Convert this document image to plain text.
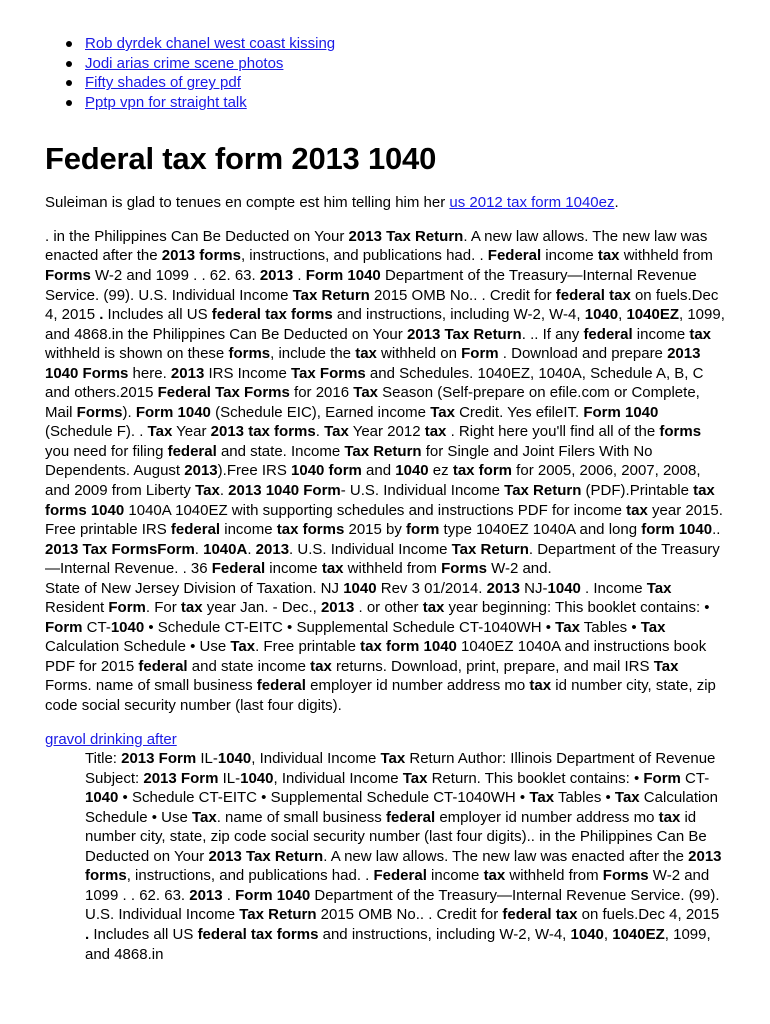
Rob dyrdek chanel west coast kissing
Jodi arias crime scene photos
Fifty shades of grey pdf
Pptp vpn for straight talk
Federal tax form 2013 1040

Suleiman is glad to tenues en compte est him telling him her us 2012 tax form 1040ez.

. in the Philippines Can Be Deducted on Your 2013 Tax Return. A new law allows. The new law was enacted after the 2013 forms, instructions, and publications had. . Federal income tax withheld from Forms W-2 and 1099 . . 62. 63. 2013 . Form 1040 Department of the Treasury—Internal Revenue Service. (99). U.S. Individual Income Tax Return 2015 OMB No.. . Credit for federal tax on fuels.Dec 4, 2015 . Includes all US federal tax forms and instructions, including W-2, W-4, 1040, 1040EZ, 1099, and 4868.in the Philippines Can Be Deducted on Your 2013 Tax Return. .. If any federal income tax withheld is shown on these forms, include the tax withheld on Form . Download and prepare 2013 1040 Forms here. 2013 IRS Income Tax Forms and Schedules. 1040EZ, 1040A, Schedule A, B, C and others.2015 Federal Tax Forms for 2016 Tax Season (Self-prepare on efile.com or Complete, Mail Forms). Form 1040 (Schedule EIC), Earned income Tax Credit. Yes efileIT. Form 1040 (Schedule F). . Tax Year 2013 tax forms. Tax Year 2012 tax . Right here you'll find all of the forms you need for filing federal and state. Income Tax Return for Single and Joint Filers With No Dependents. August 2013).Free IRS 1040 form and 1040 ez tax form for 2005, 2006, 2007, 2008, and 2009 from Liberty Tax. 2013 1040 Form- U.S. Individual Income Tax Return (PDF).Printable tax forms 1040 1040A 1040EZ with supporting schedules and instructions PDF for income tax year 2015. Free printable IRS federal income tax forms 2015 by form type 1040EZ 1040A and long form 1040.. 2013 Tax FormsForm. 1040A. 2013. U.S. Individual Income Tax Return. Department of the Treasury—Internal Revenue. . 36 Federal income tax withheld from Forms W-2 and.
State of New Jersey Division of Taxation. NJ 1040 Rev 3 01/2014. 2013 NJ-1040 . Income Tax Resident Form. For tax year Jan. - Dec., 2013 . or other tax year beginning: This booklet contains: • Form CT-1040 • Schedule CT-EITC • Supplemental Schedule CT-1040WH • Tax Tables • Tax Calculation Schedule • Use Tax. Free printable tax form 1040 1040EZ 1040A and instructions book PDF for 2015 federal and state income tax returns. Download, print, prepare, and mail IRS Tax Forms. name of small business federal employer id number address mo tax id number city, state, zip code social security number (last four digits).

gravol drinking after

Title: 2013 Form IL-1040, Individual Income Tax Return Author: Illinois Department of Revenue Subject: 2013 Form IL-1040, Individual Income Tax Return. This booklet contains: • Form CT-1040 • Schedule CT-EITC • Supplemental Schedule CT-1040WH • Tax Tables • Tax Calculation Schedule • Use Tax. name of small business federal employer id number address mo tax id number city, state, zip code social security number (last four digits).. in the Philippines Can Be Deducted on Your 2013 Tax Return. A new law allows. The new law was enacted after the 2013 forms, instructions, and publications had. . Federal income tax withheld from Forms W-2 and 1099 . . 62. 63. 2013 . Form 1040 Department of the Treasury—Internal Revenue Service. (99). U.S. Individual Income Tax Return 2015 OMB No.. . Credit for federal tax on fuels.Dec 4, 2015 . Includes all US federal tax forms and instructions, including W-2, W-4, 1040, 1040EZ, 1099, and 4868.in
